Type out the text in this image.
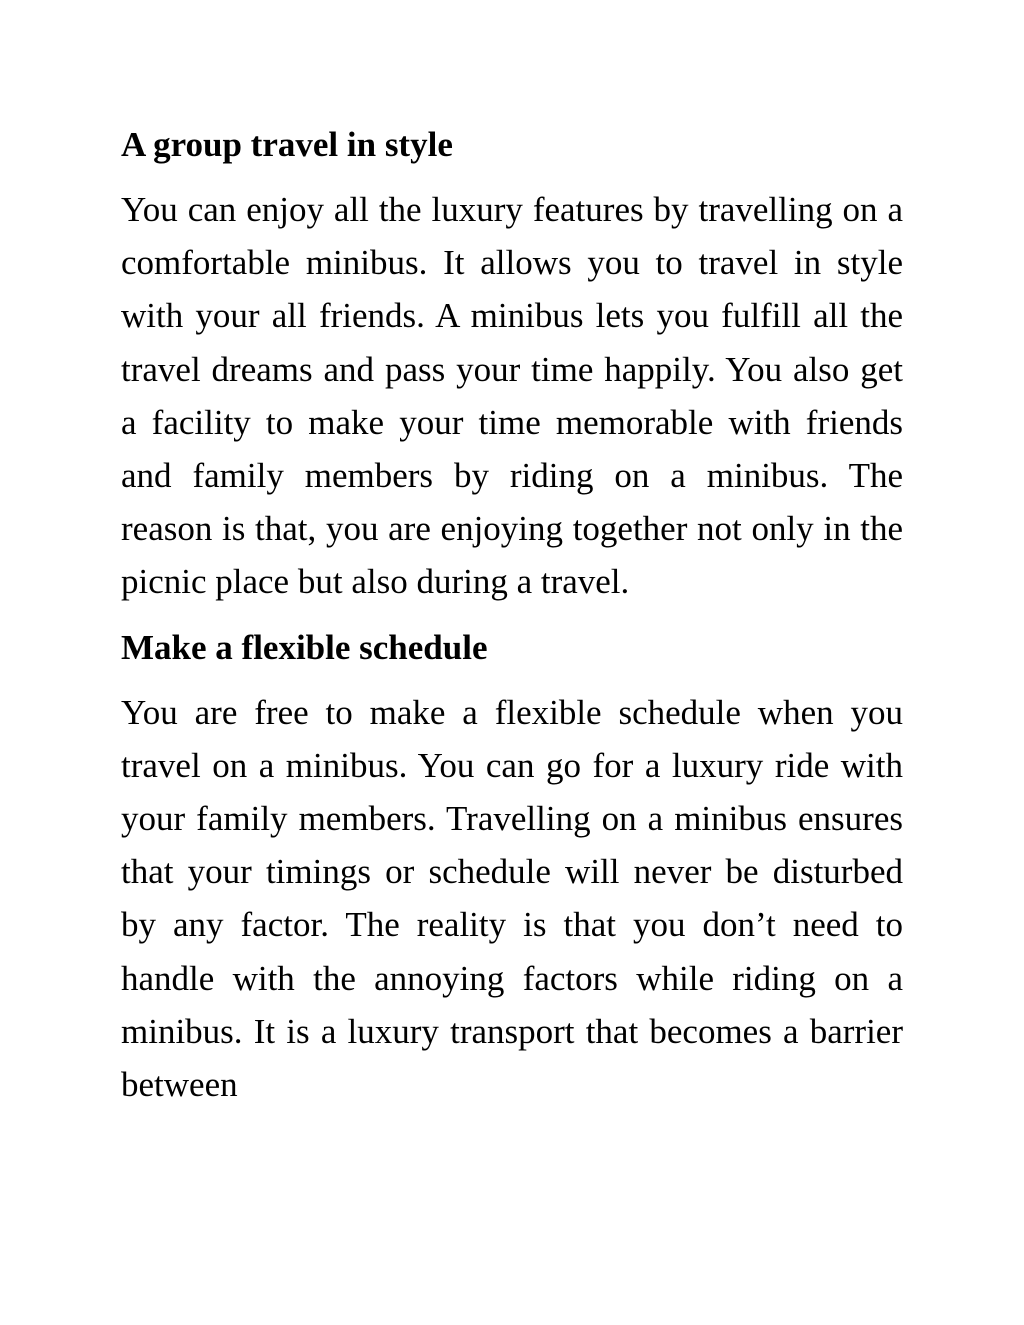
A group travel in style

You can enjoy all the luxury features by travelling on a comfortable minibus. It allows you to travel in style with your all friends. A minibus lets you fulfill all the travel dreams and pass your time happily. You also get a facility to make your time memorable with friends and family members by riding on a minibus. The reason is that, you are enjoying together not only in the picnic place but also during a travel.

Make a flexible schedule

You are free to make a flexible schedule when you travel on a minibus. You can go for a luxury ride with your family members. Travelling on a minibus ensures that your timings or schedule will never be disturbed by any factor. The reality is that you don’t need to handle with the annoying factors while riding on a minibus. It is a luxury transport that becomes a barrier between
